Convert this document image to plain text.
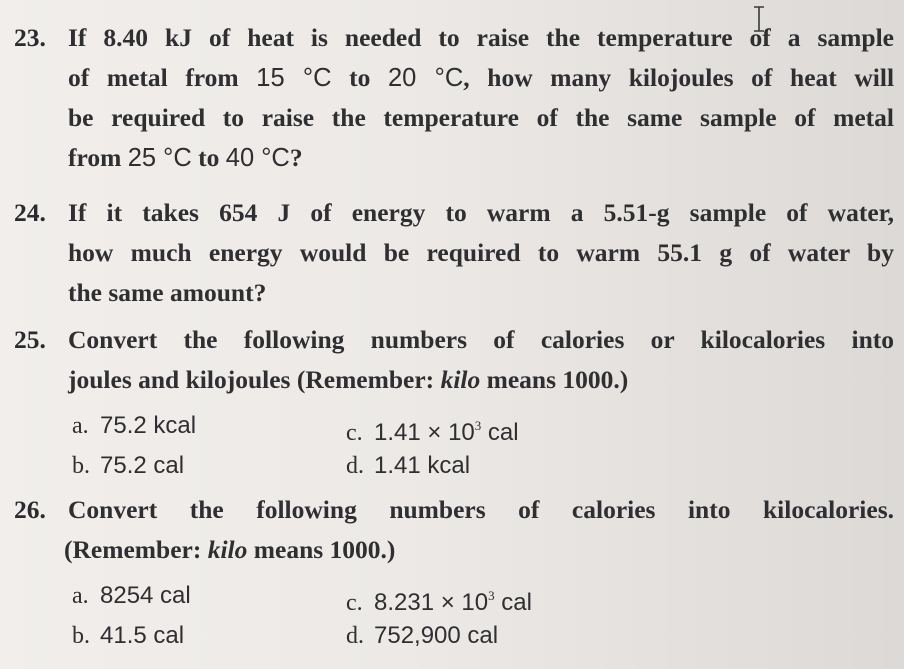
23. If 8.40 kJ of heat is needed to raise the temperature of a sample
of metal from 15 °C to 20 °C, how many kilojoules of heat will
be required to raise the temperature of the same sample of metal
from 25 °C to 40 °C?
24. If it takes 654 J of energy to warm a 5.51-g sample of water,
how much energy would be required to warm 55.1 g of water by
the same amount?
25. Convert the following numbers of calories or kilocalories into
joules and kilojoules (Remember: kilo means 1000.)
a. 75.2 kcal	c. $1.41 \times 10^3$ cal
b. 75.2 cal	d. 1.41 kcal
26. Convert the following numbers of calories into kilocalories.
(Remember: kilo means 1000.)
a. 8254 cal	c. $8.231 \times 10^3$ cal
b. 41.5 cal	d. 752,900 cal
